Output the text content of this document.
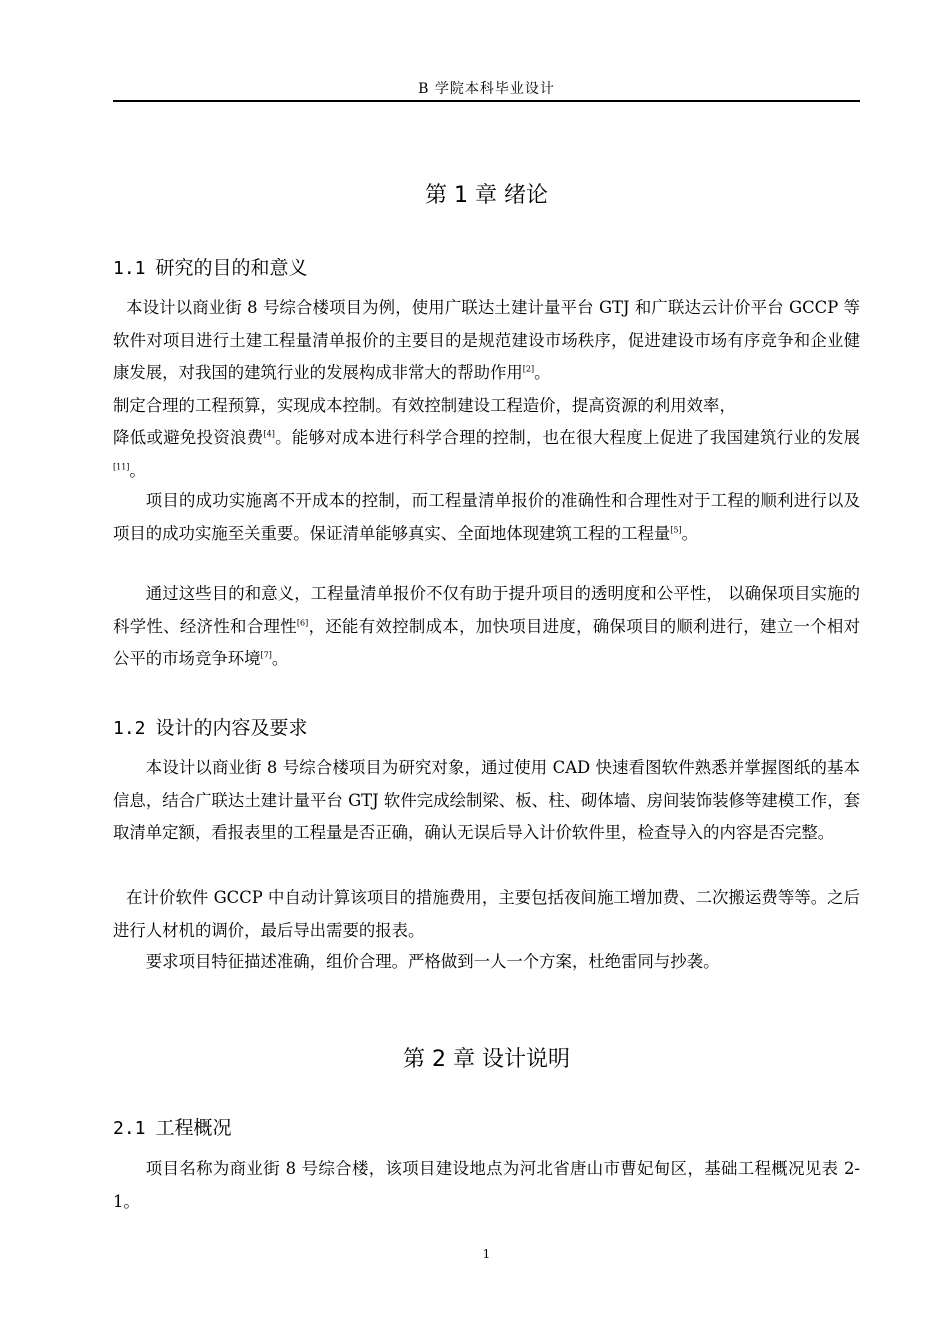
B 学院本科毕业设计
第 1 章 绪论
1.1 研究的目的和意义

本设计以商业街 8 号综合楼项目为例，使用广联达土建计量平台 GTJ 和广联达云计价平台 GCCP 等软件对项目进行土建工程量清单报价的主要目的是规范建设市场秩序，促进建设市场有序竞争和企业健康发展，对我国的建筑行业的发展构成非常大的帮助作用[2]。

制定合理的工程预算，实现成本控制。有效控制建设工程造价，提高资源的利用效率，

降低或避免投资浪费[4]。能够对成本进行科学合理的控制，也在很大程度上促进了我国建筑行业的发展[11]。

项目的成功实施离不开成本的控制，而工程量清单报价的准确性和合理性对于工程的顺利进行以及项目的成功实施至关重要。保证清单能够真实、全面地体现建筑工程的工程量[5]。

通过这些目的和意义，工程量清单报价不仅有助于提升项目的透明度和公平性， 以确保项目实施的科学性、经济性和合理性[6]，还能有效控制成本，加快项目进度，确保项目的顺利进行，建立一个相对公平的市场竞争环境[7]。

1.2 设计的内容及要求

本设计以商业街 8 号综合楼项目为研究对象，通过使用 CAD 快速看图软件熟悉并掌握图纸的基本信息，结合广联达土建计量平台 GTJ 软件完成绘制梁、板、柱、砌体墙、房间装饰装修等建模工作，套取清单定额，看报表里的工程量是否正确，确认无误后导入计价软件里，检查导入的内容是否完整。

在计价软件 GCCP 中自动计算该项目的措施费用，主要包括夜间施工增加费、二次搬运费等等。之后进行人材机的调价，最后导出需要的报表。

要求项目特征描述准确，组价合理。严格做到一人一个方案，杜绝雷同与抄袭。

第 2 章 设计说明
2.1 工程概况

项目名称为商业街 8 号综合楼，该项目建设地点为河北省唐山市曹妃甸区，基础工程概况见表 2-1。

1
